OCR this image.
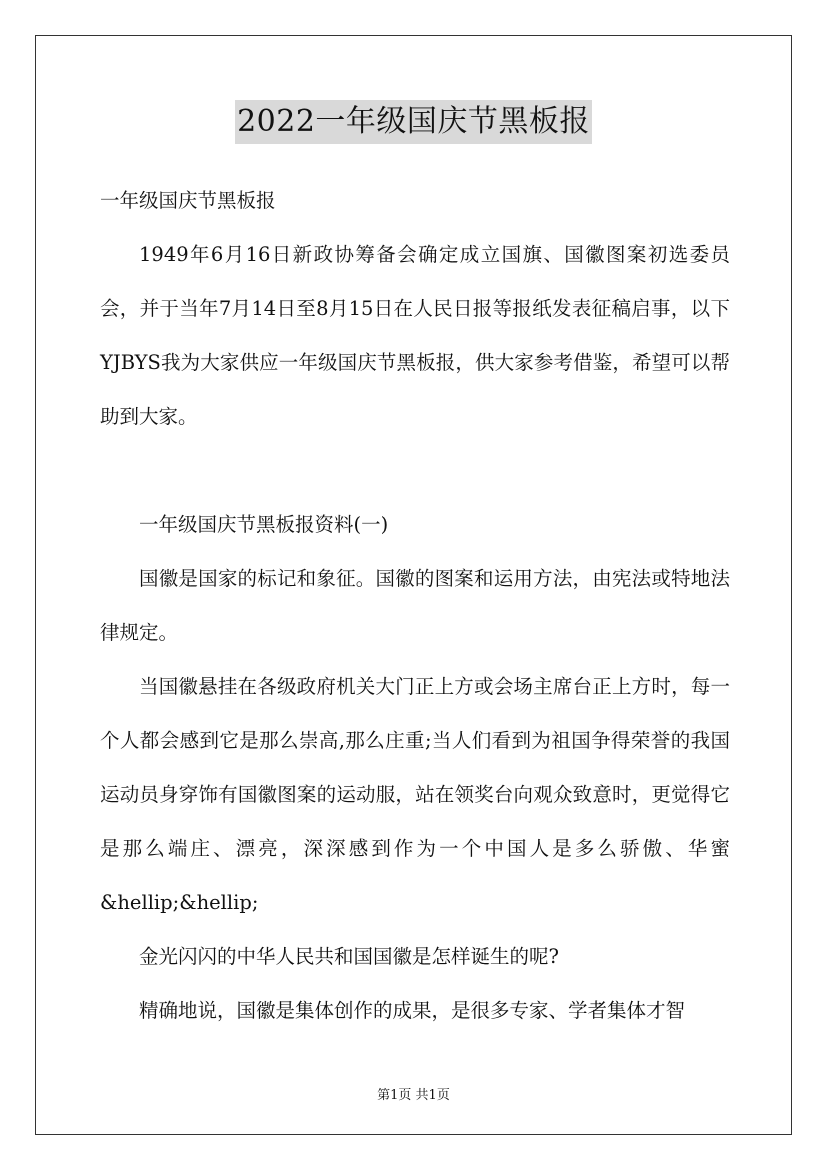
2022一年级国庆节黑板报

一年级国庆节黑板报

1949年6月16日新政协筹备会确定成立国旗、国徽图案初选委员会，并于当年7月14日至8月15日在人民日报等报纸发表征稿启事，以下YJBYS我为大家供应一年级国庆节黑板报，供大家参考借鉴，希望可以帮助到大家。

一年级国庆节黑板报资料(一)

国徽是国家的标记和象征。国徽的图案和运用方法，由宪法或特地法律规定。

当国徽悬挂在各级政府机关大门正上方或会场主席台正上方时，每一个人都会感到它是那么崇高,那么庄重;当人们看到为祖国争得荣誉的我国运动员身穿饰有国徽图案的运动服，站在领奖台向观众致意时，更觉得它是那么端庄、漂亮，深深感到作为一个中国人是多么骄傲、华蜜&hellip;&hellip;

金光闪闪的中华人民共和国国徽是怎样诞生的呢?

精确地说，国徽是集体创作的成果，是很多专家、学者集体才智

第1页 共1页
